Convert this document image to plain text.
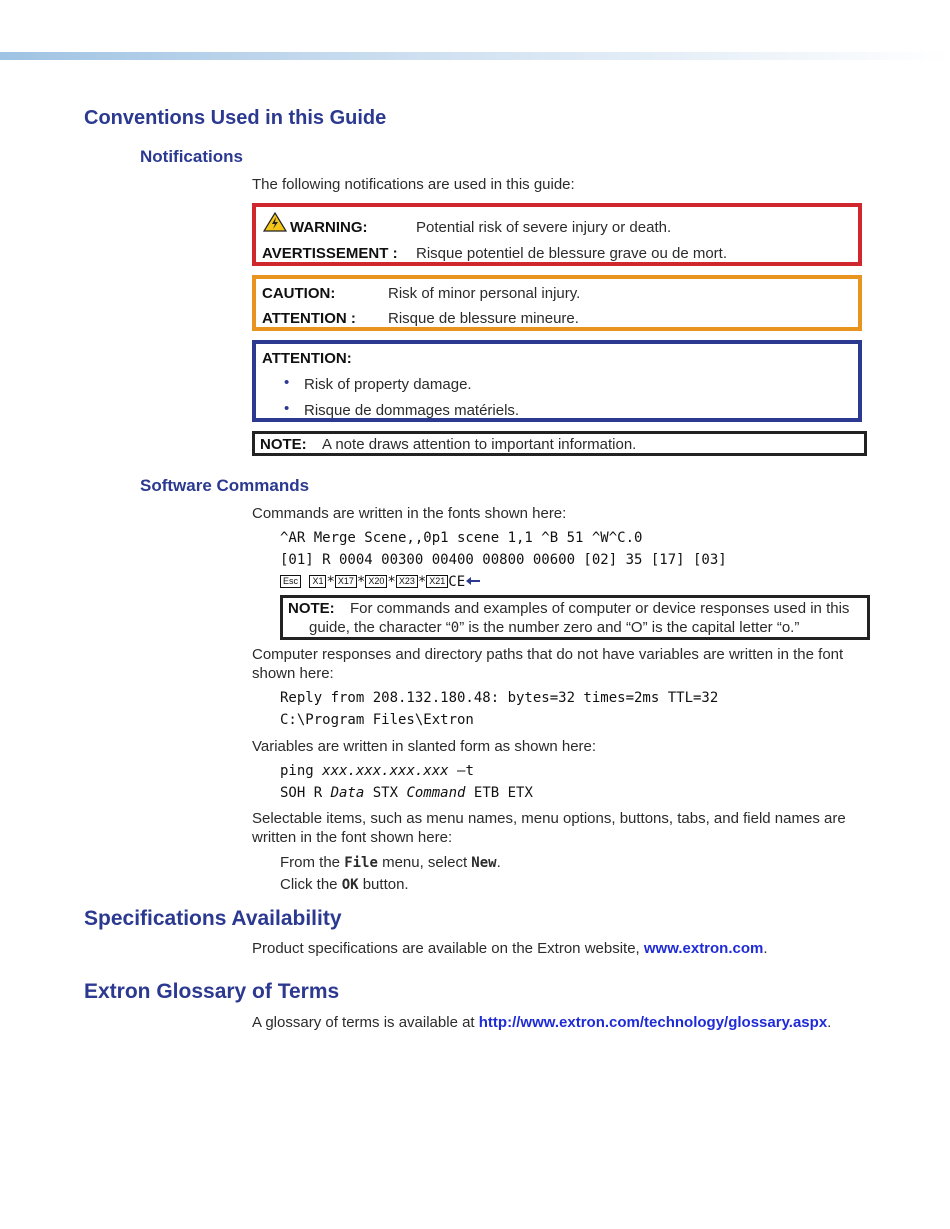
Conventions Used in this Guide
Notifications

The following notifications are used in this guide:

WARNING:	Potential risk of severe injury or death.
AVERTISSEMENT : Risque potentiel de blessure grave ou de mort.
CAUTION:	Risk of minor personal injury.
ATTENTION : Risque de blessure mineure.
ATTENTION:
• Risk of property damage.
• Risque de dommages matériels.
NOTE: A note draws attention to important information.
Software Commands

Commands are written in the fonts shown here:

^AR Merge Scene,,0p1 scene 1,1 ^B 51 ^W^C.0
[01] R 0004 00300 00400 00800 00600 [02] 35 [17] [03]
Esc X1 * X17 * X20 * X23 * X21 CE
NOTE: For commands and examples of computer or device responses used in this
guide, the character “0” is the number zero and “O” is the capital letter “o.”

Computer responses and directory paths that do not have variables are written in the font
shown here:

Reply from 208.132.180.48: bytes=32 times=2ms TTL=32
C:\Program Files\Extron

Variables are written in slanted form as shown here:

ping xxx.xxx.xxx.xxx —t
SOH R Data STX Command ETB ETX

Selectable items, such as menu names, menu options, buttons, tabs, and field names are
written in the font shown here:

From the File menu, select New.

Click the OK button.

Specifications Availability

Product specifications are available on the Extron website, www.extron.com.

Extron Glossary of Terms

A glossary of terms is available at http://www.extron.com/technology/glossary.aspx.
